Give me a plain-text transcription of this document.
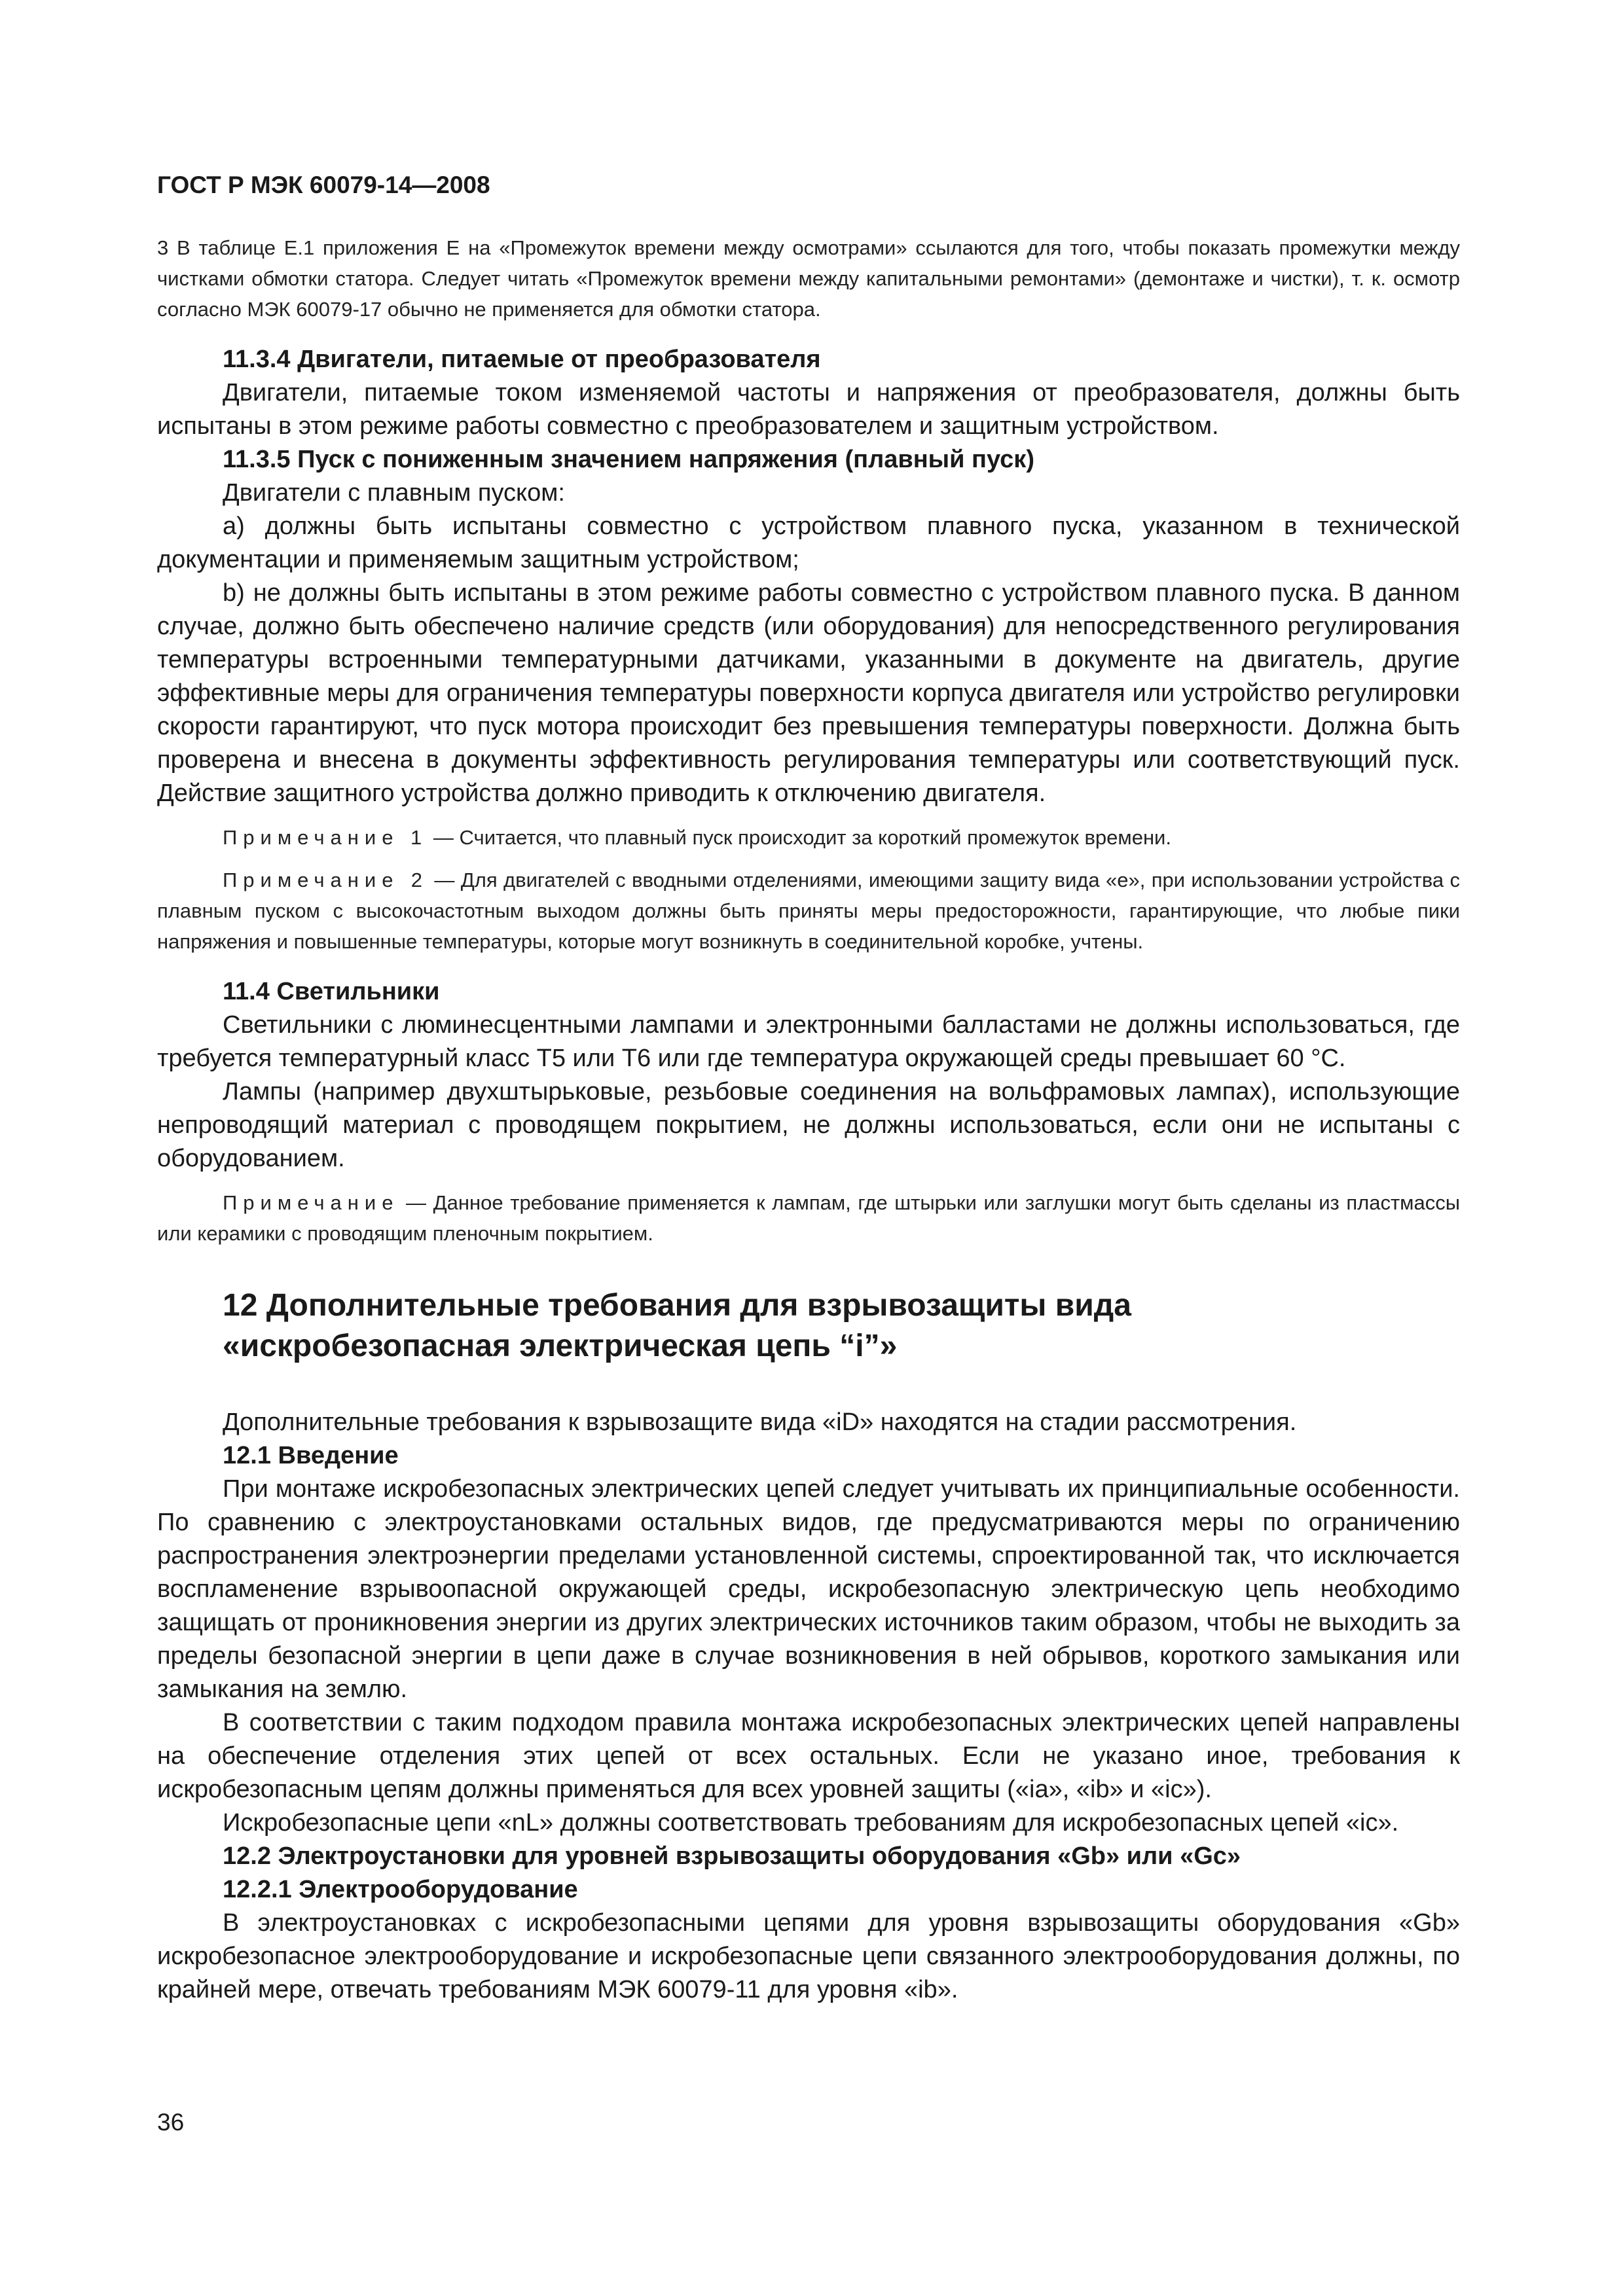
ГОСТ Р МЭК 60079-14—2008

3 В таблице Е.1 приложения Е на «Промежуток времени между осмотрами» ссылаются для того, чтобы показать промежутки между чистками обмотки статора. Следует читать «Промежуток времени между капитальными ремонтами» (демонтаже и чистки), т. к. осмотр согласно МЭК 60079-17 обычно не применяется для обмотки статора.

11.3.4 Двигатели, питаемые от преобразователя

Двигатели, питаемые током изменяемой частоты и напряжения от преобразователя, должны быть испытаны в этом режиме работы совместно с преобразователем и защитным устройством.

11.3.5 Пуск с пониженным значением напряжения (плавный пуск)

Двигатели с плавным пуском:

a) должны быть испытаны совместно с устройством плавного пуска, указанном в технической документации и применяемым защитным устройством;

b) не должны быть испытаны в этом режиме работы совместно с устройством плавного пуска. В данном случае, должно быть обеспечено наличие средств (или оборудования) для непосредственного регулирования температуры встроенными температурными датчиками, указанными в документе на двигатель, другие эффективные меры для ограничения температуры поверхности корпуса двигателя или устройство регулировки скорости гарантируют, что пуск мотора происходит без превышения температуры поверхности. Должна быть проверена и внесена в документы эффективность регулирования температуры или соответствующий пуск. Действие защитного устройства должно приводить к отключению двигателя.

Примечание 1 — Считается, что плавный пуск происходит за короткий промежуток времени.

Примечание 2 — Для двигателей с вводными отделениями, имеющими защиту вида «е», при использовании устройства с плавным пуском с высокочастотным выходом должны быть приняты меры предосторожности, гарантирующие, что любые пики напряжения и повышенные температуры, которые могут возникнуть в соединительной коробке, учтены.

11.4 Светильники

Светильники с люминесцентными лампами и электронными балластами не должны использоваться, где требуется температурный класс Т5 или Т6 или где температура окружающей среды превышает 60 °С.

Лампы (например двухштырьковые, резьбовые соединения на вольфрамовых лампах), использующие непроводящий материал с проводящем покрытием, не должны использоваться, если они не испытаны с оборудованием.

Примечание — Данное требование применяется к лампам, где штырьки или заглушки могут быть сделаны из пластмассы или керамики с проводящим пленочным покрытием.

12 Дополнительные требования для взрывозащиты вида
«искробезопасная электрическая цепь “i”»

Дополнительные требования к взрывозащите вида «iD» находятся на стадии рассмотрения.

12.1 Введение

При монтаже искробезопасных электрических цепей следует учитывать их принципиальные особенности. По сравнению с электроустановками остальных видов, где предусматриваются меры по ограничению распространения электроэнергии пределами установленной системы, спроектированной так, что исключается воспламенение взрывоопасной окружающей среды, искробезопасную электрическую цепь необходимо защищать от проникновения энергии из других электрических источников таким образом, чтобы не выходить за пределы безопасной энергии в цепи даже в случае возникновения в ней обрывов, короткого замыкания или замыкания на землю.

В соответствии с таким подходом правила монтажа искробезопасных электрических цепей направлены на обеспечение отделения этих цепей от всех остальных. Если не указано иное, требования к искробезопасным цепям должны применяться для всех уровней защиты («ia», «ib» и «ic»).

Искробезопасные цепи «nL» должны соответствовать требованиям для искробезопасных цепей «ic».

12.2 Электроустановки для уровней взрывозащиты оборудования «Gb» или «Gc»

12.2.1 Электрооборудование

В электроустановках с искробезопасными цепями для уровня взрывозащиты оборудования «Gb» искробезопасное электрооборудование и искробезопасные цепи связанного электрооборудования должны, по крайней мере, отвечать требованиям МЭК 60079-11 для уровня «ib».

36
